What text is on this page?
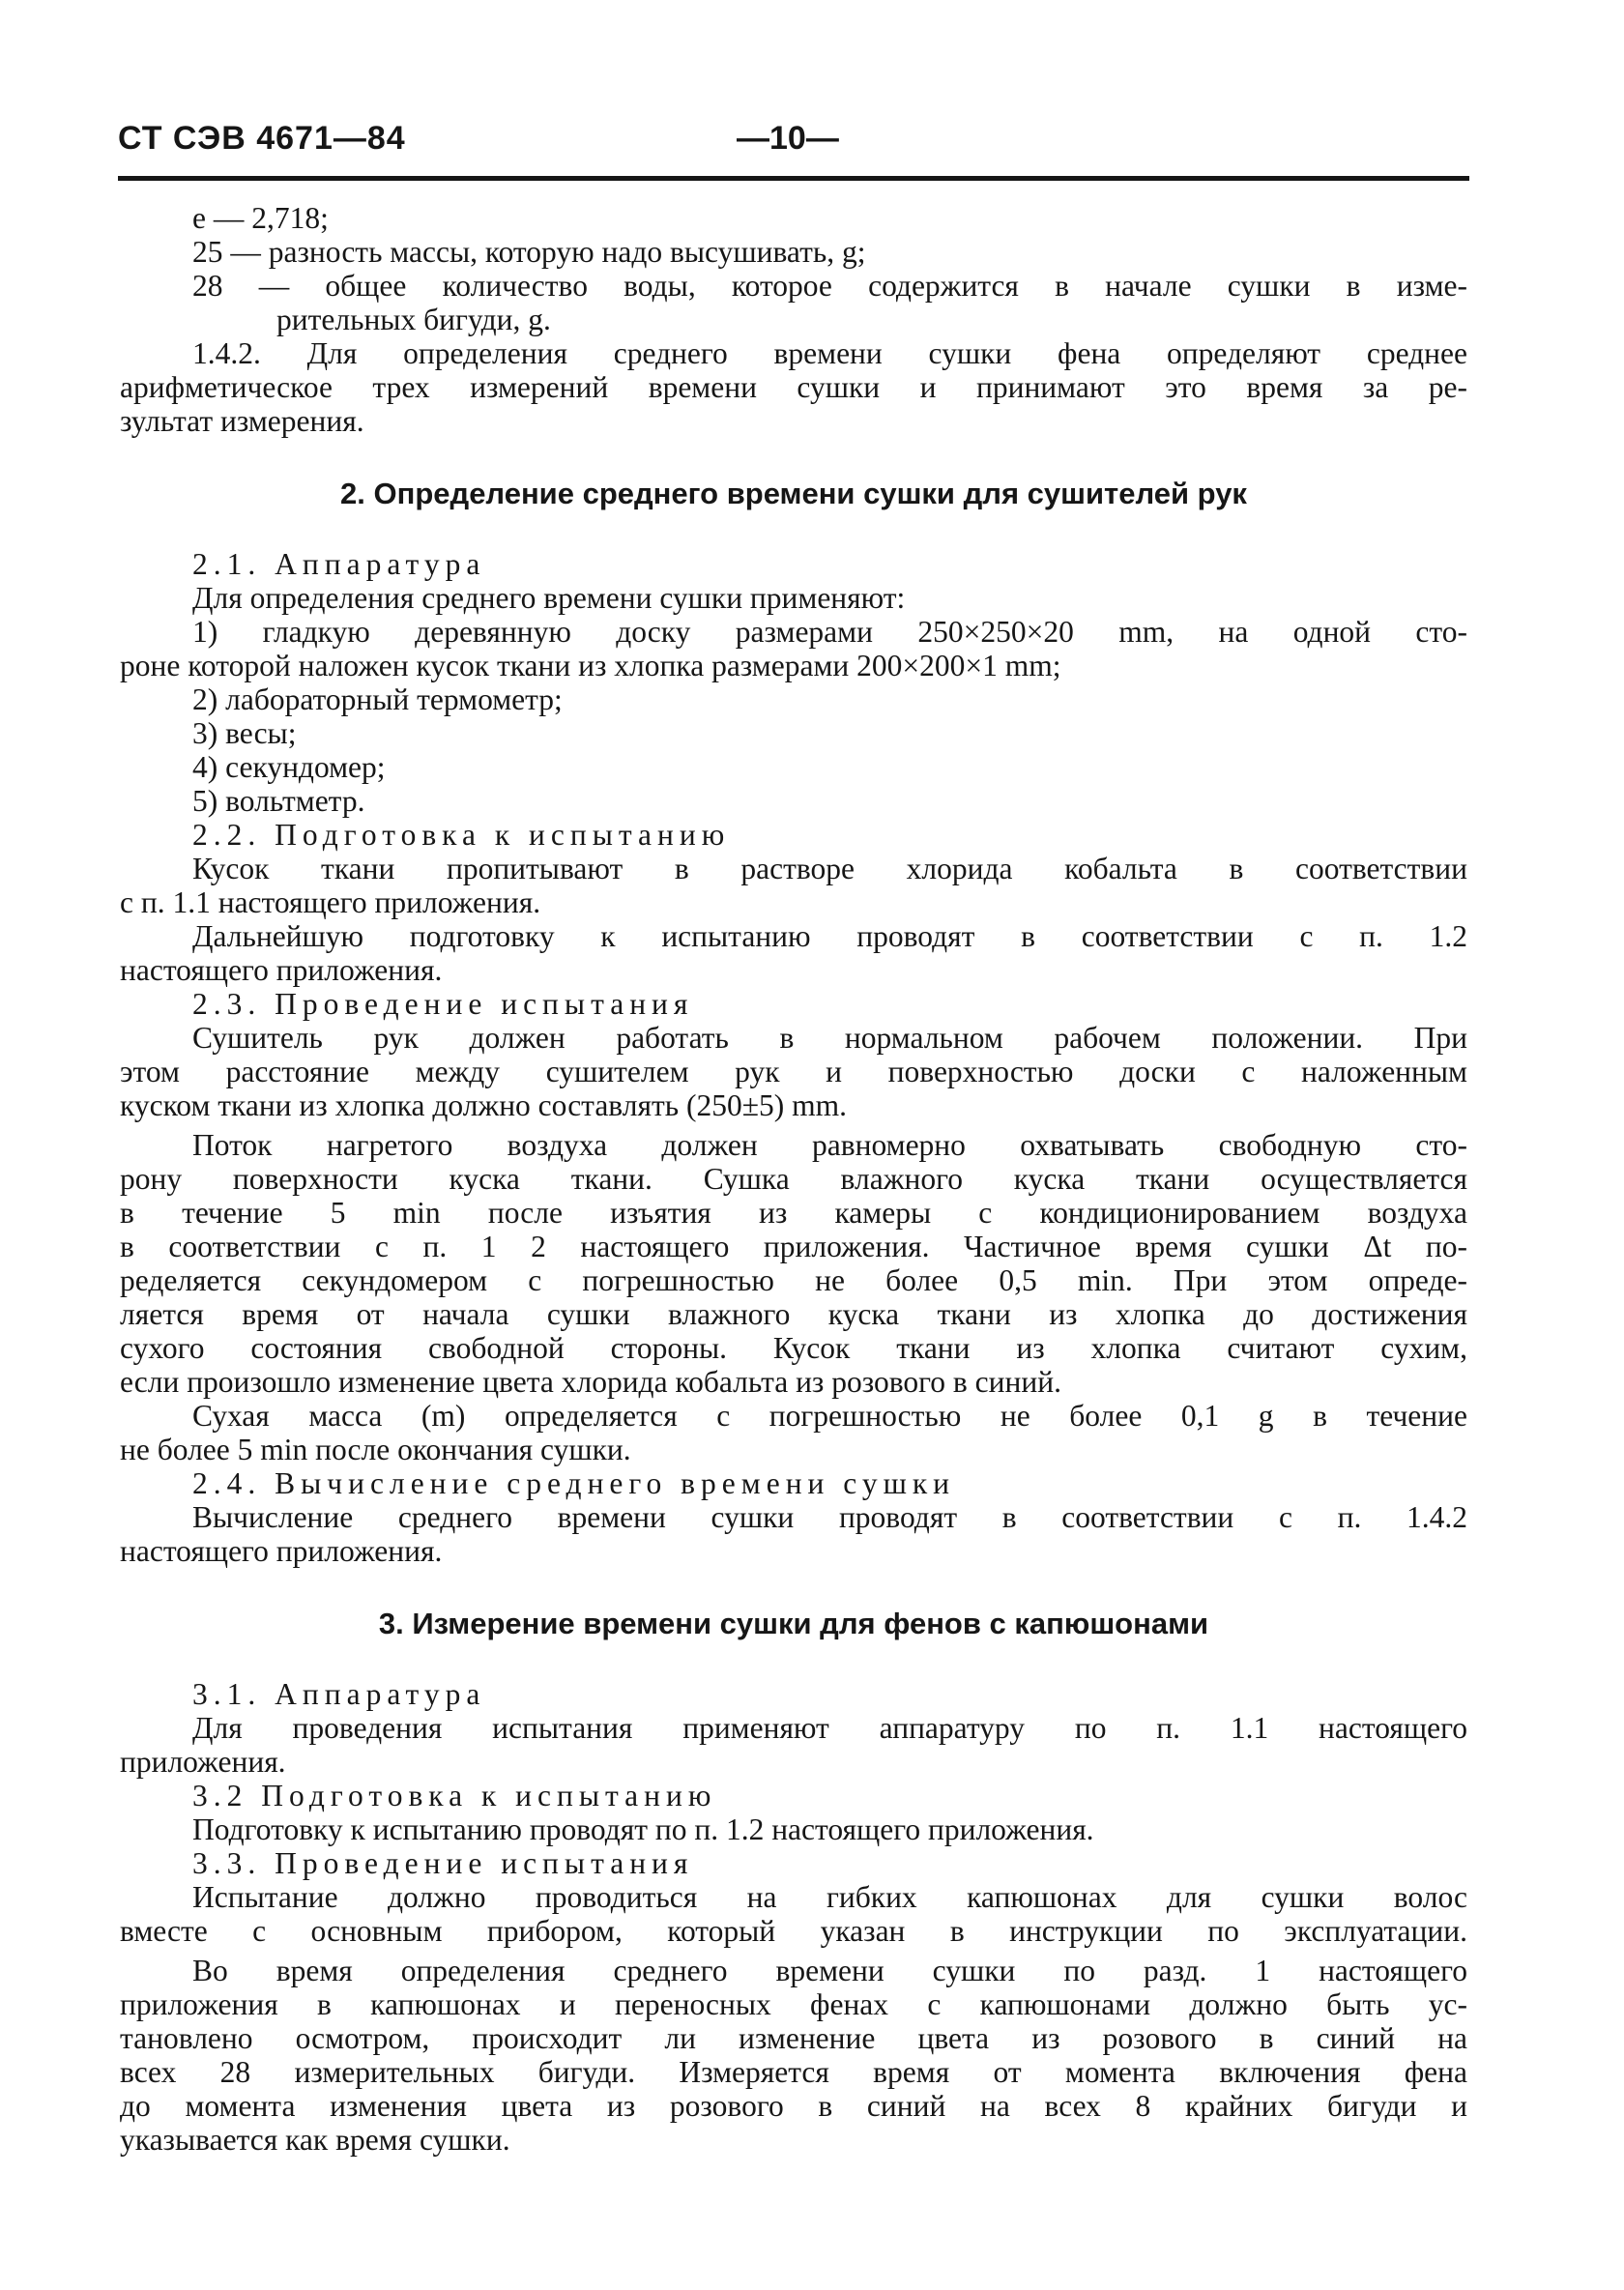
СТ СЭВ 4671—84	—10—
e — 2,718;
25 — разность массы, которую надо высушивать, g;
28 — общее количество воды, которое содержится в начале сушки в изме-
рительных бигуди, g.
1.4.2. Для определения среднего времени сушки фена определяют среднее
арифметическое трех измерений времени сушки и принимают это время за ре-
зультат измерения.
2. Определение среднего времени сушки для сушителей рук
2.1. Аппаратура
Для определения среднего времени сушки применяют:
1) гладкую деревянную доску размерами 250×250×20 mm, на одной сто-
роне которой наложен кусок ткани из хлопка размерами 200×200×1 mm;
2) лабораторный термометр;
3) весы;
4) секундомер;
5) вольтметр.
2.2. Подготовка к испытанию
Кусок ткани пропитывают в растворе хлорида кобальта в соответствии
с п. 1.1 настоящего приложения.
Дальнейшую подготовку к испытанию проводят в соответствии с п. 1.2
настоящего приложения.
2.3. Проведение испытания
Сушитель рук должен работать в нормальном рабочем положении. При
этом расстояние между сушителем рук и поверхностью доски с наложенным
куском ткани из хлопка должно составлять (250±5) mm.
Поток нагретого воздуха должен равномерно охватывать свободную сто-
рону поверхности куска ткани. Сушка влажного куска ткани осуществляется
в течение 5 min после изъятия из камеры с кондиционированием воздуха
в соответствии с п. 1 2 настоящего приложения. Частичное время сушки Δt по-
ределяется секундомером с погрешностью не более 0,5 min. При этом опреде-
ляется время от начала сушки влажного куска ткани из хлопка до достижения
сухого состояния свободной стороны. Кусок ткани из хлопка считают сухим,
если произошло изменение цвета хлорида кобальта из розового в синий.
Сухая масса (m) определяется с погрешностью не более 0,1 g в течение
не более 5 min после окончания сушки.
2.4. Вычисление среднего времени сушки
Вычисление среднего времени сушки проводят в соответствии с п. 1.4.2
настоящего приложения.
3. Измерение времени сушки для фенов с капюшонами
3.1. Аппаратура
Для проведения испытания применяют аппаратуру по п. 1.1 настоящего
приложения.
3.2 Подготовка к испытанию
Подготовку к испытанию проводят по п. 1.2 настоящего приложения.
3.3. Проведение испытания
Испытание должно проводиться на гибких капюшонах для сушки волос
вместе с основным прибором, который указан в инструкции по эксплуатации.
Во время определения среднего времени сушки по разд. 1 настоящего
приложения в капюшонах и переносных фенах с капюшонами должно быть ус-
тановлено осмотром, происходит ли изменение цвета из розового в синий на
всех 28 измерительных бигуди. Измеряется время от момента включения фена
до момента изменения цвета из розового в синий на всех 8 крайних бигуди и
указывается как время сушки.
